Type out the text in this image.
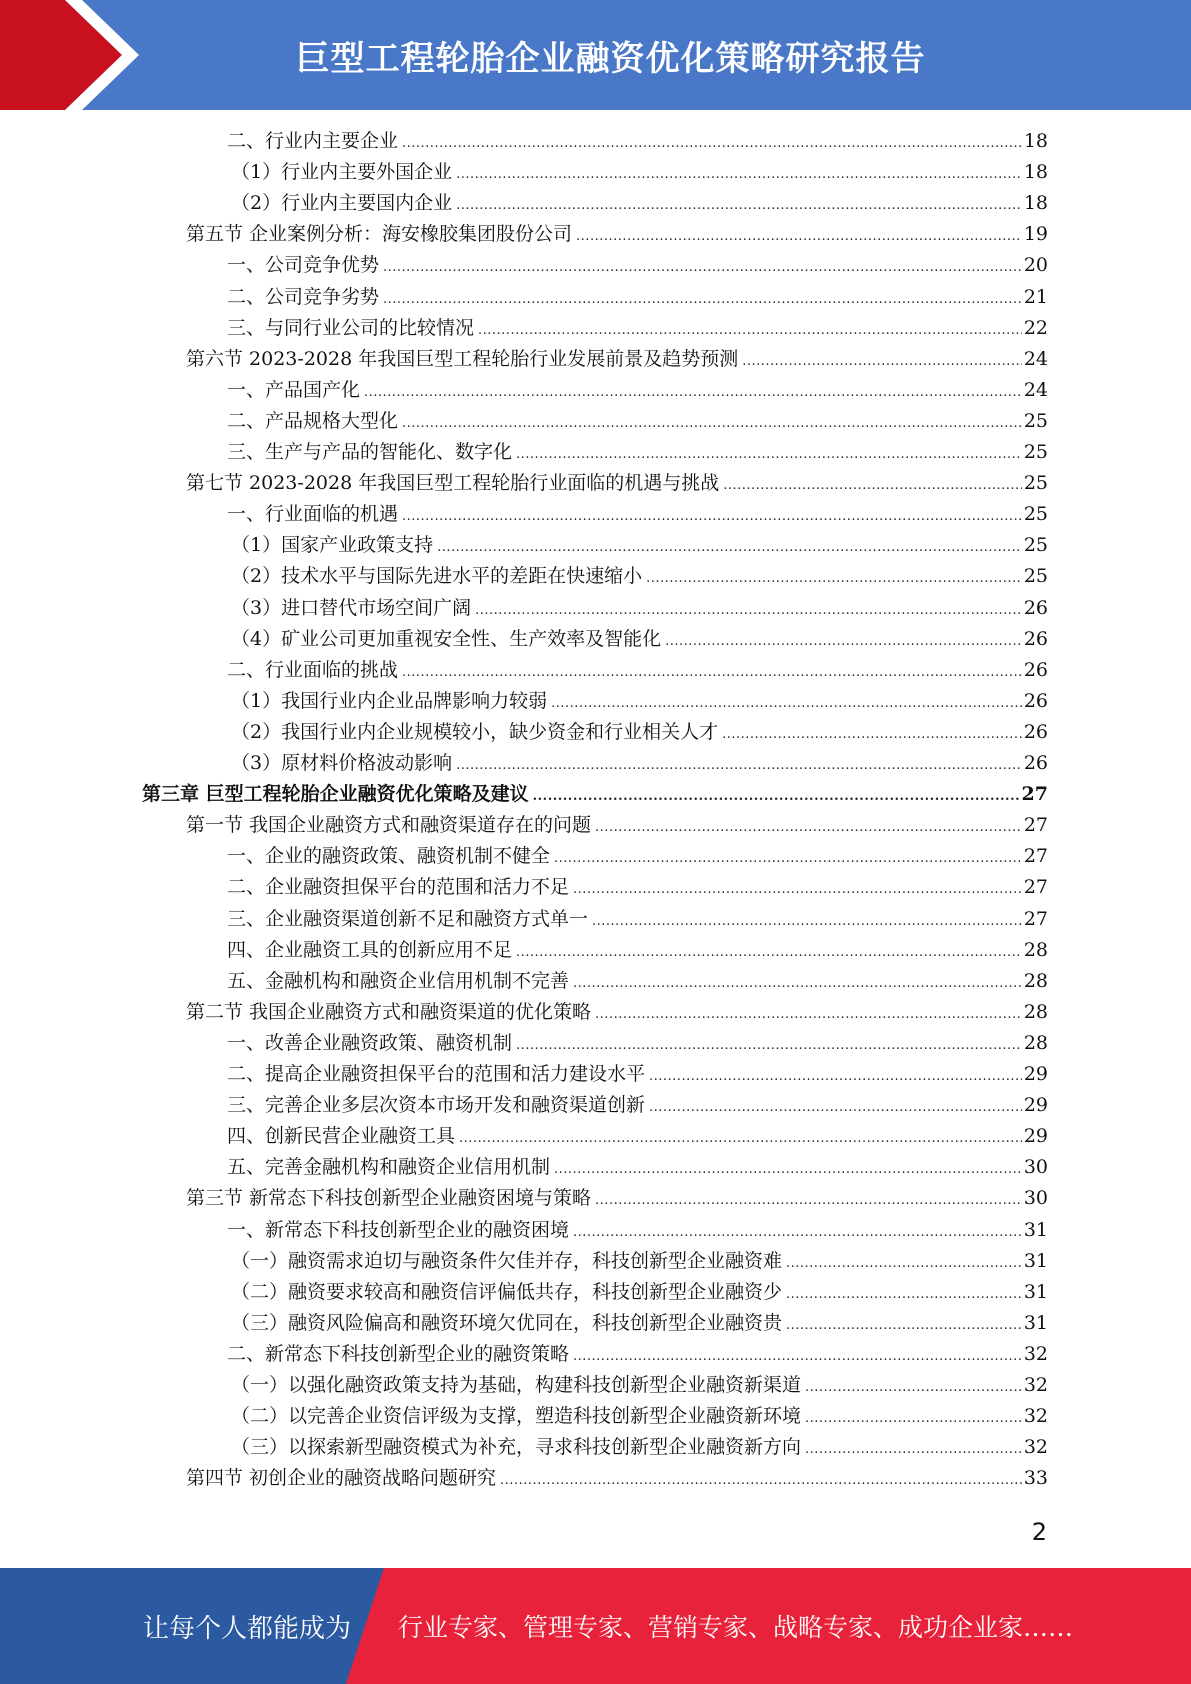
巨型工程轮胎企业融资优化策略研究报告
二、行业内主要企业 .....	18
（1）行业内主要外国企业 .....	18
（2）行业内主要国内企业 .....	18
第五节 企业案例分析：海安橡胶集团股份公司 .....	19
一、公司竞争优势 .....	20
二、公司竞争劣势 .....	21
三、与同行业公司的比较情况 .....	22
第六节 2023-2028 年我国巨型工程轮胎行业发展前景及趋势预测 .....	24
一、产品国产化 .....	24
二、产品规格大型化 .....	25
三、生产与产品的智能化、数字化 .....	25
第七节 2023-2028 年我国巨型工程轮胎行业面临的机遇与挑战 .....	25
一、行业面临的机遇 .....	25
（1）国家产业政策支持 .....	25
（2）技术水平与国际先进水平的差距在快速缩小 .....	25
（3）进口替代市场空间广阔 .....	26
（4）矿业公司更加重视安全性、生产效率及智能化 .....	26
二、行业面临的挑战 .....	26
（1）我国行业内企业品牌影响力较弱 .....	26
（2）我国行业内企业规模较小，缺少资金和行业相关人才 .....	26
（3）原材料价格波动影响 .....	26
第三章 巨型工程轮胎企业融资优化策略及建议 .....	27
第一节 我国企业融资方式和融资渠道存在的问题 .....	27
一、企业的融资政策、融资机制不健全 .....	27
二、企业融资担保平台的范围和活力不足 .....	27
三、企业融资渠道创新不足和融资方式单一 .....	27
四、企业融资工具的创新应用不足 .....	28
五、金融机构和融资企业信用机制不完善 .....	28
第二节 我国企业融资方式和融资渠道的优化策略 .....	28
一、改善企业融资政策、融资机制 .....	28
二、提高企业融资担保平台的范围和活力建设水平 .....	29
三、完善企业多层次资本市场开发和融资渠道创新 .....	29
四、创新民营企业融资工具 .....	29
五、完善金融机构和融资企业信用机制 .....	30
第三节 新常态下科技创新型企业融资困境与策略 .....	30
一、新常态下科技创新型企业的融资困境 .....	31
（一）融资需求迫切与融资条件欠佳并存，科技创新型企业融资难 .....	31
（二）融资要求较高和融资信评偏低共存，科技创新型企业融资少 .....	31
（三）融资风险偏高和融资环境欠优同在，科技创新型企业融资贵 .....	31
二、新常态下科技创新型企业的融资策略 .....	32
（一）以强化融资政策支持为基础，构建科技创新型企业融资新渠道 .....	32
（二）以完善企业资信评级为支撑，塑造科技创新型企业融资新环境 .....	32
（三）以探索新型融资模式为补充，寻求科技创新型企业融资新方向 .....	32
第四节 初创企业的融资战略问题研究 .....	33
2
让每个人都能成为 行业专家、管理专家、营销专家、战略专家、成功企业家……
